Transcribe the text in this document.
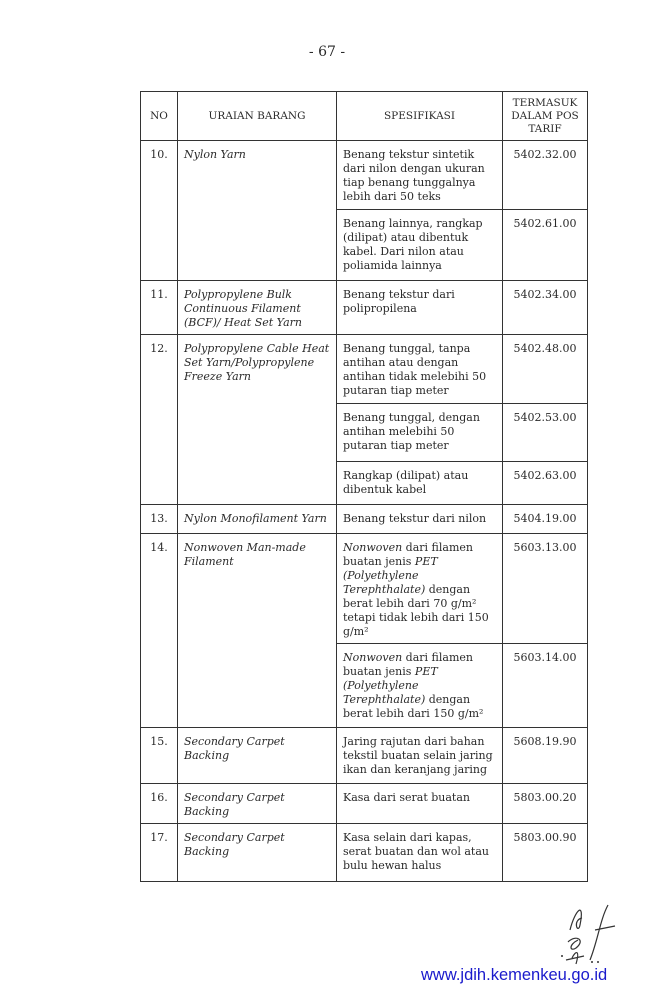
- 67 -
NO	URAIAN BARANG	SPESIFIKASI	TERMASUK DALAM POS TARIF
10.	Nylon Yarn	Benang tekstur sintetik dari nilon dengan ukuran tiap benang tunggalnya lebih dari 50 teks	5402.32.00
		Benang lainnya, rangkap (dilipat) atau dibentuk kabel. Dari nilon atau poliamida lainnya	5402.61.00
11.	Polypropylene Bulk Continuous Filament (BCF)/ Heat Set Yarn	Benang tekstur dari polipropilena	5402.34.00
12.	Polypropylene Cable Heat Set Yarn/Polypropylene Freeze Yarn	Benang tunggal, tanpa antihan atau dengan antihan tidak melebihi 50 putaran tiap meter	5402.48.00
		Benang tunggal, dengan antihan melebihi 50 putaran tiap meter	5402.53.00
		Rangkap (dilipat) atau dibentuk kabel	5402.63.00
13.	Nylon Monofilament Yarn	Benang tekstur dari nilon	5404.19.00
14.	Nonwoven Man-made Filament	Nonwoven dari filamen buatan jenis PET (Polyethylene Terephthalate) dengan berat lebih dari 70 g/m² tetapi tidak lebih dari 150 g/m²	5603.13.00
		Nonwoven dari filamen buatan jenis PET (Polyethylene Terephthalate) dengan berat lebih dari 150 g/m²	5603.14.00
15.	Secondary Carpet Backing	Jaring rajutan dari bahan tekstil buatan selain jaring ikan dan keranjang jaring	5608.19.90
16.	Secondary Carpet Backing	Kasa dari serat buatan	5803.00.20
17.	Secondary Carpet Backing	Kasa selain dari kapas, serat buatan dan wol atau bulu hewan halus	5803.00.90
www.jdih.kemenkeu.go.id
